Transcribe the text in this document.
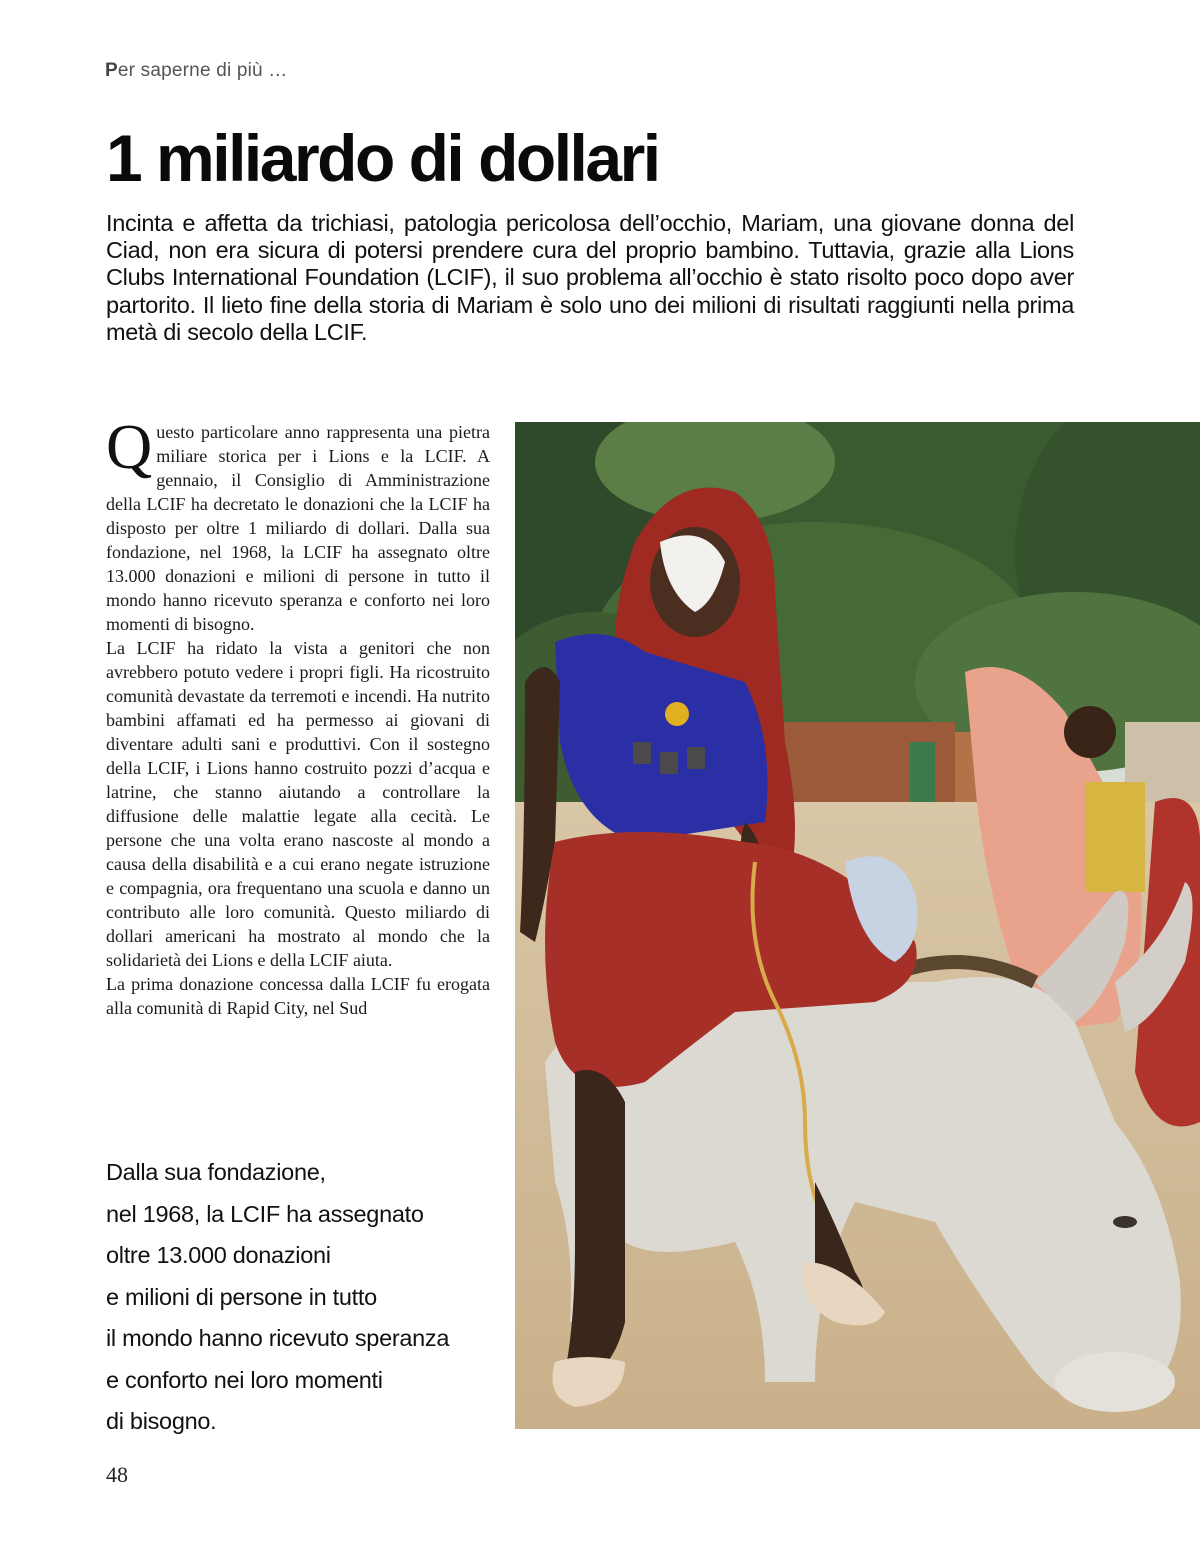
Per saperne di più …
1 miliardo di dollari

Incinta e affetta da trichiasi, patologia pericolosa dell’occhio, Mariam, una giovane donna del Ciad, non era sicura di potersi prendere cura del proprio bambino. Tuttavia, grazie alla Lions Clubs International Foundation (LCIF), il suo problema all’occhio è stato risolto poco dopo aver partorito. Il lieto fine della storia di Mariam è solo uno dei milioni di risultati raggiunti nella prima metà di secolo della LCIF.

Questo particolare anno rappresenta una pietra miliare storica per i Lions e la LCIF. A gennaio, il Consiglio di Amministrazione della LCIF ha decretato le donazioni che la LCIF ha disposto per oltre 1 miliardo di dollari. Dalla sua fondazione, nel 1968, la LCIF ha assegnato oltre 13.000 donazioni e milioni di persone in tutto il mondo hanno ricevuto speranza e conforto nei loro momenti di bisogno.

La LCIF ha ridato la vista a genitori che non avrebbero potuto vedere i propri figli. Ha ricostruito comunità devastate da terremoti e incendi. Ha nutrito bambini affamati ed ha permesso ai giovani di diventare adulti sani e produttivi. Con il sostegno della LCIF, i Lions hanno costruito pozzi d’acqua e latrine, che stanno aiutando a controllare la diffusione delle malattie legate alla cecità. Le persone che una volta erano nascoste al mondo a causa della disabilità e a cui erano negate istruzione e compagnia, ora frequentano una scuola e danno un contributo alle loro comunità. Questo miliardo di dollari americani ha mostrato al mondo che la solidarietà dei Lions e della LCIF aiuta.

La prima donazione concessa dalla LCIF fu erogata alla comunità di Rapid City, nel Sud

Dalla sua fondazione,
nel 1968, la LCIF ha assegnato
oltre 13.000 donazioni
e milioni di persone in tutto
il mondo hanno ricevuto speranza
e conforto nei loro momenti
di bisogno.
48
